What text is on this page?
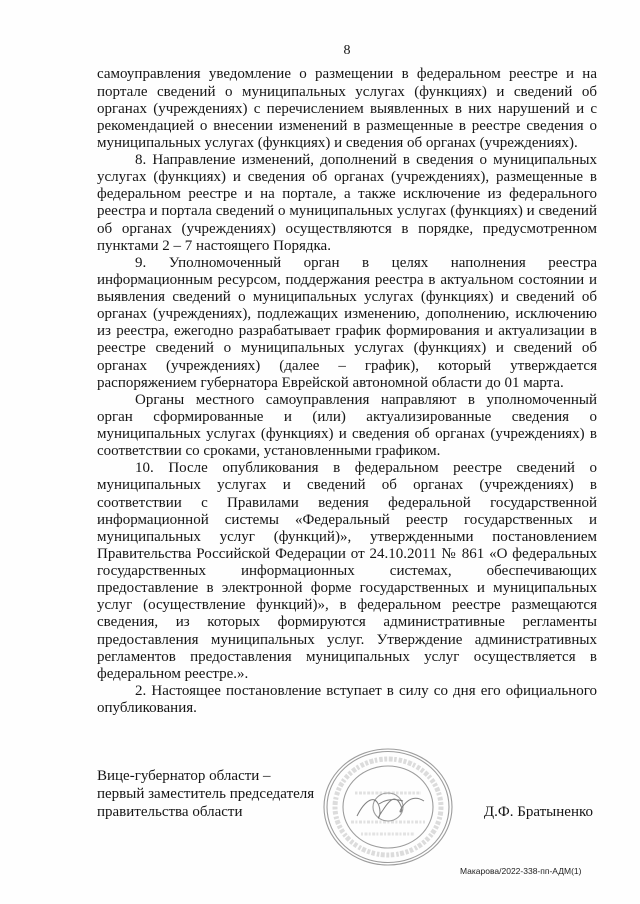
8
самоуправления уведомление о размещении в федеральном реестре и на
портале сведений о муниципальных услугах (функциях) и сведений об
органах (учреждениях) с перечислением выявленных в них нарушений и с
рекомендацией о внесении изменений в размещенные в реестре сведения о
муниципальных услугах (функциях) и сведения об органах (учреждениях).
8. Направление изменений, дополнений в сведения о муниципальных
услугах (функциях) и сведения об органах (учреждениях), размещенные в
федеральном реестре и на портале, а также исключение из федерального
реестра и портала сведений о муниципальных услугах (функциях) и сведений
об органах (учреждениях) осуществляются в порядке, предусмотренном
пунктами 2 – 7 настоящего Порядка.
9. Уполномоченный орган в целях наполнения реестра
информационным ресурсом, поддержания реестра в актуальном состоянии и
выявления сведений о муниципальных услугах (функциях) и сведений об
органах (учреждениях), подлежащих изменению, дополнению, исключению
из реестра, ежегодно разрабатывает график формирования и актуализации в
реестре сведений о муниципальных услугах (функциях) и сведений об
органах (учреждениях) (далее – график), который утверждается
распоряжением губернатора Еврейской автономной области до 01 марта.
Органы местного самоуправления направляют в уполномоченный
орган сформированные и (или) актуализированные сведения о
муниципальных услугах (функциях) и сведения об органах (учреждениях) в
соответствии со сроками, установленными графиком.
10. После опубликования в федеральном реестре сведений о
муниципальных услугах и сведений об органах (учреждениях) в
соответствии с Правилами ведения федеральной государственной
информационной системы «Федеральный реестр государственных и
муниципальных услуг (функций)», утвержденными постановлением
Правительства Российской Федерации от 24.10.2011 № 861 «О федеральных
государственных информационных системах, обеспечивающих
предоставление в электронной форме государственных и муниципальных
услуг (осуществление функций)», в федеральном реестре размещаются
сведения, из которых формируются административные регламенты
предоставления муниципальных услуг. Утверждение административных
регламентов предоставления муниципальных услуг осуществляется в
федеральном реестре.».
2. Настоящее постановление вступает в силу со дня его официального
опубликования.
Вице-губернатор области –
первый заместитель председателя
правительства области	Д.Ф. Братыненко
Макарова/2022-338-пп-АДМ(1)
